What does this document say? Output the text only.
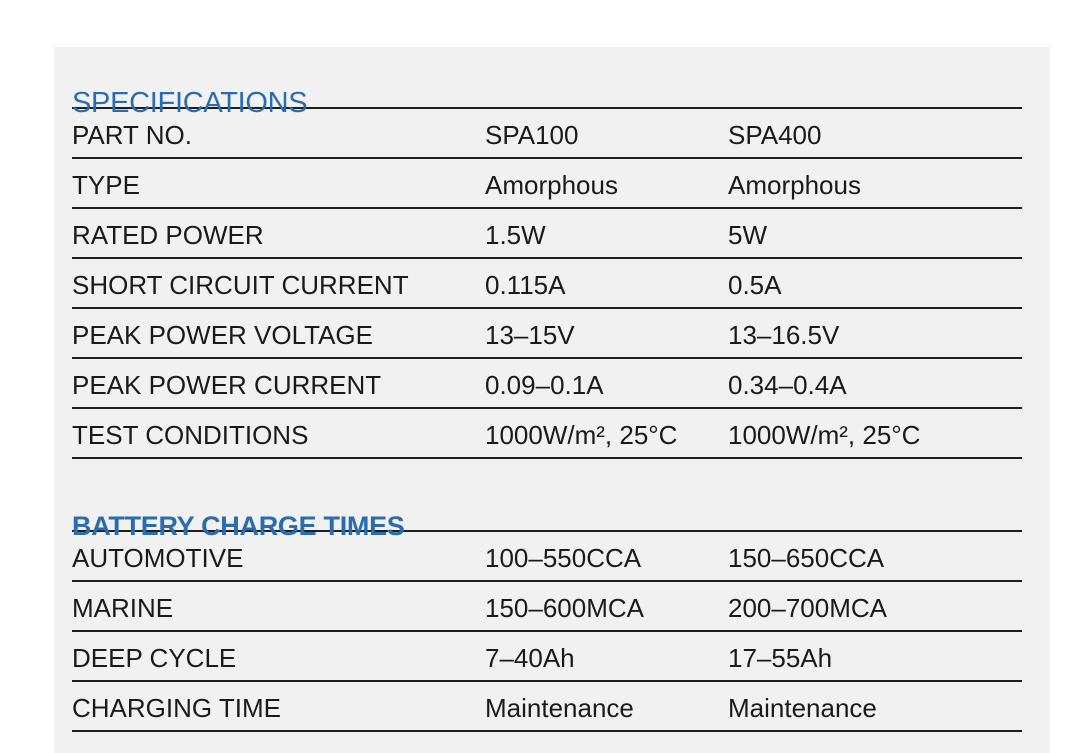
SPECIFICATIONS
PART NO.	SPA100	SPA400
TYPE	Amorphous	Amorphous
RATED POWER	1.5W	5W
SHORT CIRCUIT CURRENT	0.115A	0.5A
PEAK POWER VOLTAGE	13–15V	13–16.5V
PEAK POWER CURRENT	0.09–0.1A	0.34–0.4A
TEST CONDITIONS	1000W/m², 25°C	1000W/m², 25°C
BATTERY CHARGE TIMES
AUTOMOTIVE	100–550CCA	150–650CCA
MARINE	150–600MCA	200–700MCA
DEEP CYCLE	7–40Ah	17–55Ah
CHARGING TIME	Maintenance	Maintenance
